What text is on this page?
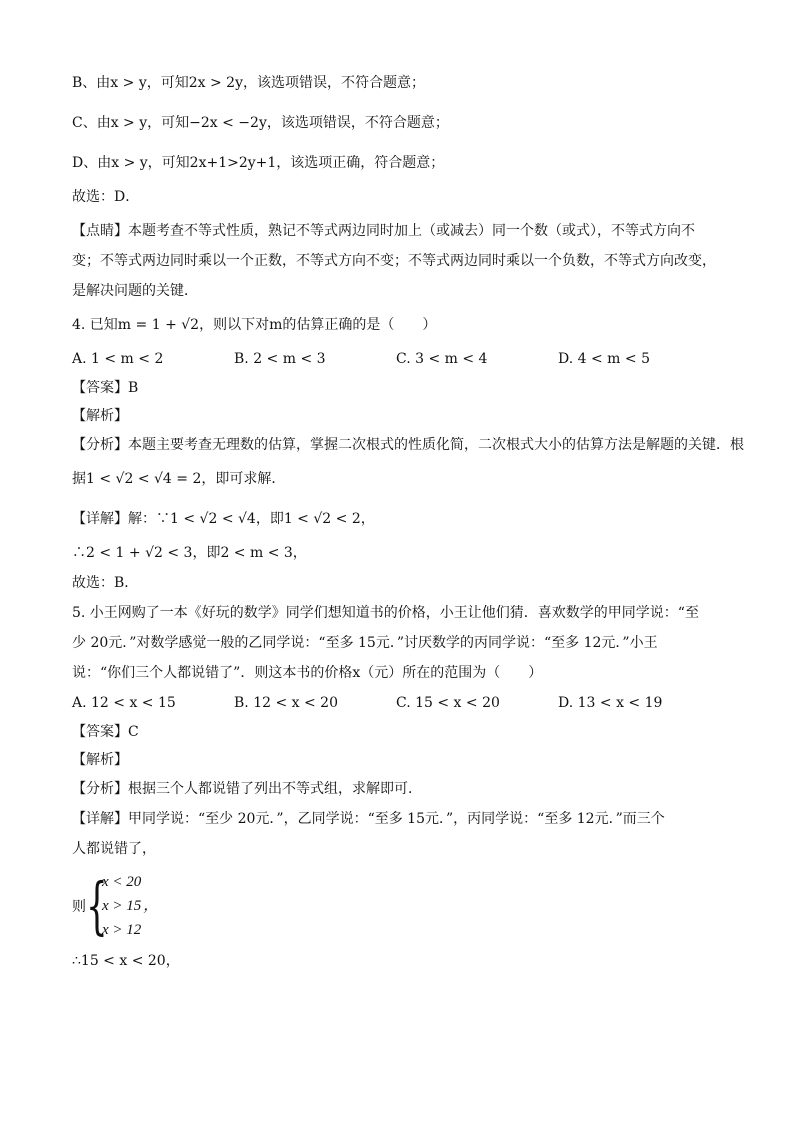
B、由x > y，可知2x > 2y，该选项错误，不符合题意；
C、由x > y，可知−2x < −2y，该选项错误，不符合题意；
D、由x > y，可知2x+1>2y+1，该选项正确，符合题意；
故选：D．
【点睛】本题考查不等式性质，熟记不等式两边同时加上（或减去）同一个数（或式），不等式方向不
变；不等式两边同时乘以一个正数，不等式方向不变；不等式两边同时乘以一个负数，不等式方向改变，
是解决问题的关键．
4. 已知m = 1 + √2，则以下对m的估算正确的是（　　）
A. 1 < m < 2	B. 2 < m < 3	C. 3 < m < 4	D. 4 < m < 5
【答案】B
【解析】
【分析】本题主要考查无理数的估算，掌握二次根式的性质化简，二次根式大小的估算方法是解题的关键．根
据1 < √2 < √4 = 2，即可求解．
【详解】解：∵1 < √2 < √4，即1 < √2 < 2，
∴2 < 1 + √2 < 3，即2 < m < 3，
故选：B．
5. 小王网购了一本《好玩的数学》同学们想知道书的价格，小王让他们猜．喜欢数学的甲同学说：“至
少 20元．”对数学感觉一般的乙同学说：“至多 15元．”讨厌数学的丙同学说：“至多 12元．”小王
说：“你们三个人都说错了”．则这本书的价格x（元）所在的范围为（　　）
A. 12 < x < 15	B. 12 < x < 20	C. 15 < x < 20	D. 13 < x < 19
【答案】C
【解析】
【分析】根据三个人都说错了列出不等式组，求解即可．
【详解】甲同学说：“至少 20元．”，乙同学说：“至多 15元．”，丙同学说：“至多 12元．”而三个
人都说错了，
则 {
x < 20
x > 15 ，
x > 12
∴15 < x < 20，
